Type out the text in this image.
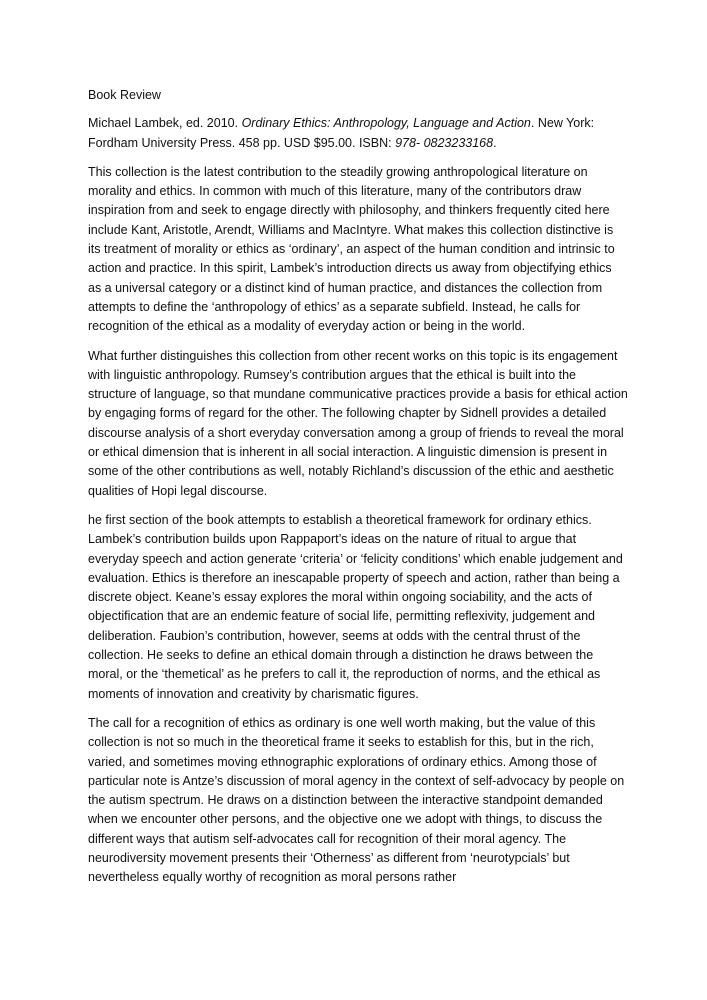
Book Review

Michael Lambek, ed. 2010. Ordinary Ethics: Anthropology, Language and Action. New York: Fordham University Press. 458 pp. USD $95.00. ISBN: 978- 0823233168.

This collection is the latest contribution to the steadily growing anthropological literature on morality and ethics. In common with much of this literature, many of the contributors draw inspiration from and seek to engage directly with philosophy, and thinkers frequently cited here include Kant, Aristotle, Arendt, Williams and MacIntyre. What makes this collection distinctive is its treatment of morality or ethics as ‘ordinary’, an aspect of the human condition and intrinsic to action and practice. In this spirit, Lambek’s introduction directs us away from objectifying ethics as a universal category or a distinct kind of human practice, and distances the collection from attempts to define the ‘anthropology of ethics’ as a separate subfield. Instead, he calls for recognition of the ethical as a modality of everyday action or being in the world.

What further distinguishes this collection from other recent works on this topic is its engagement with linguistic anthropology. Rumsey’s contribution argues that the ethical is built into the structure of language, so that mundane communicative practices provide a basis for ethical action by engaging forms of regard for the other. The following chapter by Sidnell provides a detailed discourse analysis of a short everyday conversation among a group of friends to reveal the moral or ethical dimension that is inherent in all social interaction. A linguistic dimension is present in some of the other contributions as well, notably Richland’s discussion of the ethic and aesthetic qualities of Hopi legal discourse.

he first section of the book attempts to establish a theoretical framework for ordinary ethics. Lambek’s contribution builds upon Rappaport’s ideas on the nature of ritual to argue that everyday speech and action generate ‘criteria’ or ‘felicity conditions’ which enable judgement and evaluation. Ethics is therefore an inescapable property of speech and action, rather than being a discrete object. Keane’s essay explores the moral within ongoing sociability, and the acts of objectification that are an endemic feature of social life, permitting reflexivity, judgement and deliberation. Faubion’s contribution, however, seems at odds with the central thrust of the collection. He seeks to define an ethical domain through a distinction he draws between the moral, or the ‘themetical’ as he prefers to call it, the reproduction of norms, and the ethical as moments of innovation and creativity by charismatic figures.

The call for a recognition of ethics as ordinary is one well worth making, but the value of this collection is not so much in the theoretical frame it seeks to establish for this, but in the rich, varied, and sometimes moving ethnographic explorations of ordinary ethics. Among those of particular note is Antze’s discussion of moral agency in the context of self-advocacy by people on the autism spectrum. He draws on a distinction between the interactive standpoint demanded when we encounter other persons, and the objective one we adopt with things, to discuss the different ways that autism self-advocates call for recognition of their moral agency. The neurodiversity movement presents their ‘Otherness’ as different from ‘neurotypcials’ but nevertheless equally worthy of recognition as moral persons rather
